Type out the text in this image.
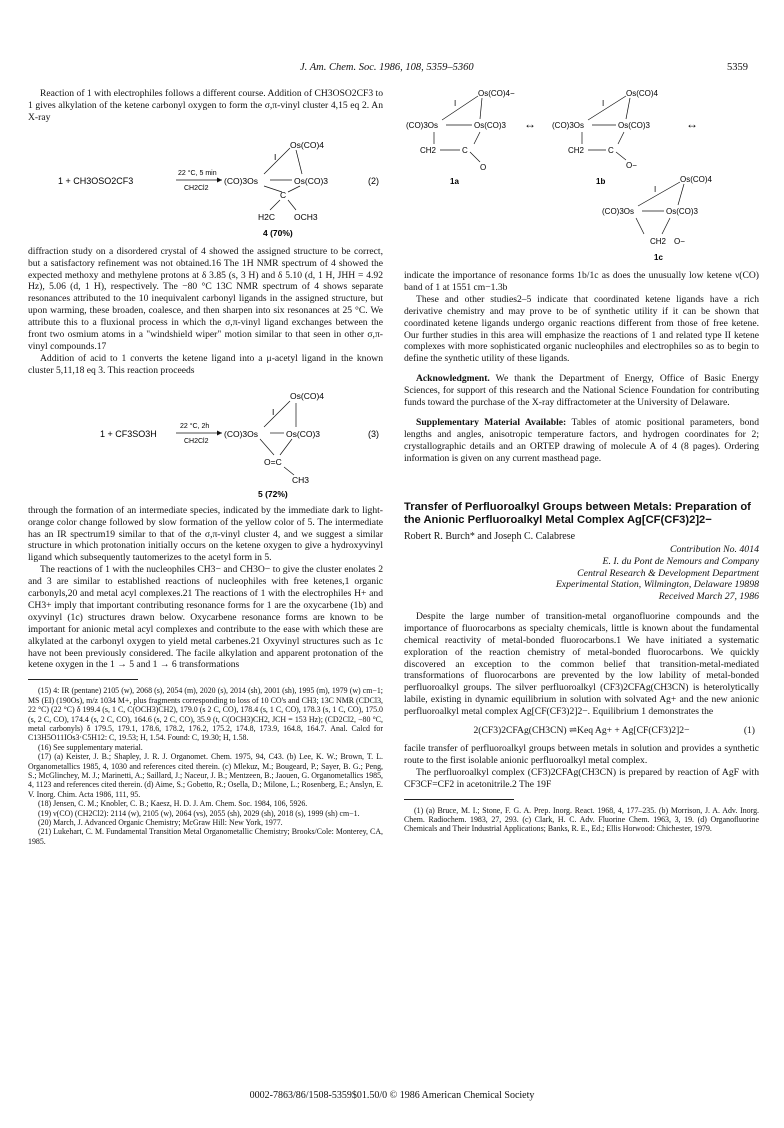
J. Am. Chem. Soc. 1986, 108, 5359–5360	5359

Reaction of 1 with electrophiles follows a different course. Addition of CH3OSO2CF3 to 1 gives alkylation of the ketene carbonyl oxygen to form the σ,π-vinyl cluster 4,15 eq 2. An X-ray

1 + CH3OSO2CF3
22 °C, 5 min
CH2Cl2
(CO)3Os
Os(CO)4
Os(CO)3
I
C
H2C OCH3
(2)
4 (70%)

diffraction study on a disordered crystal of 4 showed the assigned structure to be correct, but a satisfactory refinement was not obtained.16 The 1H NMR spectrum of 4 showed the expected methoxy and methylene protons at δ 3.85 (s, 3 H) and δ 5.10 (d, 1 H, JHH = 4.92 Hz), 5.06 (d, 1 H), respectively. The −80 °C 13C NMR spectrum of 4 shows separate resonances attributed to the 10 inequivalent carbonyl ligands in the assigned structure, but upon warming, these broaden, coalesce, and then sharpen into six resonances at 25 °C. We attribute this to a fluxional process in which the σ,π-vinyl ligand exchanges between the front two osmium atoms in a "windshield wiper" motion similar to that seen in other σ,π-vinyl compounds.17

Addition of acid to 1 converts the ketene ligand into a μ-acetyl ligand in the known cluster 5,11,18 eq 3. This reaction proceeds

1 + CF3SO3H
22 °C, 2h
CH2Cl2
(CO)3Os
Os(CO)4
Os(CO)3
I
O=C
CH3
(3)
5 (72%)

through the formation of an intermediate species, indicated by the immediate dark to light-orange color change followed by slow formation of the yellow color of 5. The intermediate has an IR spectrum19 similar to that of the σ,π-vinyl cluster 4, and we suggest a similar structure in which protonation initially occurs on the ketene oxygen to give a hydroxyvinyl ligand which subsequently tautomerizes to the acetyl form in 5.

The reactions of 1 with the nucleophiles CH3− and CH3O− to give the cluster enolates 2 and 3 are similar to established reactions of nucleophiles with free ketenes,1 organic carbonyls,20 and metal acyl complexes.21 The reactions of 1 with the electrophiles H+ and CH3+ imply that important contributing resonance forms for 1 are the oxycarbene (1b) and oxyvinyl (1c) structures drawn below. Oxycarbene resonance forms are known to be important for anionic metal acyl complexes and contribute to the ease with which these are alkylated at the carbonyl oxygen to yield metal carbenes.21 Oxyvinyl structures such as 1c have not been previously considered. The facile alkylation and apparent protonation of the ketene oxygen in the 1 → 5 and 1 → 6 transformations

(15) 4: IR (pentane) 2105 (w), 2068 (s), 2054 (m), 2020 (s), 2014 (sh), 2001 (sh), 1995 (m), 1979 (w) cm−1; MS (EI) (190Os), m/z 1034 M+, plus fragments corresponding to loss of 10 CO's and CH3; 13C NMR (CDCl3, 22 °C) (22 °C) δ 199.4 (s, 1 C, C(OCH3)CH2), 179.0 (s 2 C, CO), 178.4 (s, 1 C, CO), 178.3 (s, 1 C, CO), 175.0 (s, 2 C, CO), 174.4 (s, 2 C, CO), 164.6 (s, 2 C, CO), 35.9 (t, C(OCH3)CH2, JCH = 153 Hz); (CD2Cl2, −80 °C, metal carbonyls) δ 179.5, 179.1, 178.6, 178.2, 176.2, 175.2, 174.8, 173.9, 164.8, 164.7. Anal. Calcd for C13H5O11IOs3·C5H12: C, 19.53; H, 1.54. Found: C, 19.30; H, 1.58.
(16) See supplementary material.
(17) (a) Keister, J. B.; Shapley, J. R. J. Organomet. Chem. 1975, 94, C43. (b) Lee, K. W.; Brown, T. L. Organometallics 1985, 4, 1030 and references cited therein. (c) Mlekuz, M.; Bougeard, P.; Sayer, B. G.; Peng, S.; McGlinchey, M. J.; Marinetti, A.; Saillard, J.; Naceur, J. B.; Mentzeen, B.; Jaouen, G. Organometallics 1985, 4, 1123 and references cited therein. (d) Aime, S.; Gobetto, R.; Osella, D.; Milone, L.; Rosenberg, E.; Anslyn, E. V. Inorg. Chim. Acta 1986, 111, 95.
(18) Jensen, C. M.; Knobler, C. B.; Kaesz, H. D. J. Am. Chem. Soc. 1984, 106, 5926.
(19) ν(CO) (CH2Cl2): 2114 (w), 2105 (w), 2064 (vs), 2055 (sh), 2029 (sh), 2018 (s), 1999 (sh) cm−1.
(20) March, J. Advanced Organic Chemistry; McGraw Hill: New York, 1977.
(21) Lukehart, C. M. Fundamental Transition Metal Organometallic Chemistry; Brooks/Cole: Monterey, CA, 1985.
(CO)3Os
Os(CO)4−
Os(CO)3
I
CH2	C
O
1a
↔ (CO)3Os
Os(CO)4
Os(CO)3
I
CH2	C
O−
1b
↔
(CO)3Os
Os(CO)4
Os(CO)3
I
CH2 O−
1c

indicate the importance of resonance forms 1b/1c as does the unusually low ketene ν(CO) band of 1 at 1551 cm−1.3b

These and other studies2–5 indicate that coordinated ketene ligands have a rich derivative chemistry and may prove to be of synthetic utility if it can be shown that coordinated ketene ligands undergo organic reactions different from those of free ketene. Our further studies in this area will emphasize the reactions of 1 and related type II ketene complexes with more sophisticated organic nucleophiles and electrophiles so as to begin to define the synthetic utility of these ligands.

Acknowledgment. We thank the Department of Energy, Office of Basic Energy Sciences, for support of this research and the National Science Foundation for contributing funds toward the purchase of the X-ray diffractometer at the University of Delaware.

Supplementary Material Available: Tables of atomic positional parameters, bond lengths and angles, anisotropic temperature factors, and hydrogen coordinates for 2; crystallographic details and an ORTEP drawing of molecule A of 4 (8 pages). Ordering information is given on any current masthead page.

Transfer of Perfluoroalkyl Groups between Metals: Preparation of the Anionic Perfluoroalkyl Metal Complex Ag[CF(CF3)2]2−
Robert R. Burch* and Joseph C. Calabrese
Contribution No. 4014
E. I. du Pont de Nemours and Company
Central Research & Development Department
Experimental Station, Wilmington, Delaware 19898
Received March 27, 1986

Despite the large number of transition-metal organofluorine compounds and the importance of fluorocarbons as specialty chemicals, little is known about the fundamental chemical reactivity of metal-bonded fluorocarbons.1 We have initiated a systematic exploration of the reaction chemistry of metal-bonded fluorocarbons. We quickly discovered an exception to the common belief that transition-metal-mediated transformations of fluorocarbons are prevented by the low lability of metal-bonded perfluoroalkyl groups. The silver perfluoroalkyl (CF3)2CFAg(CH3CN) is heterolytically labile, existing in dynamic equilibrium in solution with solvated Ag+ and the new anionic perfluoroalkyl metal complex Ag[CF(CF3)2]2−. Equilibrium 1 demonstrates the

2(CF3)2CFAg(CH3CN) ⇌Keq Ag+ + Ag[CF(CF3)2]2−	(1)

facile transfer of perfluoroalkyl groups between metals in solution and provides a synthetic route to the first isolable anionic perfluoroalkyl metal complex.

The perfluoroalkyl complex (CF3)2CFAg(CH3CN) is prepared by reaction of AgF with CF3CF=CF2 in acetonitrile.2 The 19F

(1) (a) Bruce, M. I.; Stone, F. G. A. Prep. Inorg. React. 1968, 4, 177–235. (b) Morrison, J. A. Adv. Inorg. Chem. Radiochem. 1983, 27, 293. (c) Clark, H. C. Adv. Fluorine Chem. 1963, 3, 19. (d) Organofluorine Chemicals and Their Industrial Applications; Banks, R. E., Ed.; Ellis Horwood: Chichester, 1979.
0002-7863/86/1508-5359$01.50/0 © 1986 American Chemical Society
